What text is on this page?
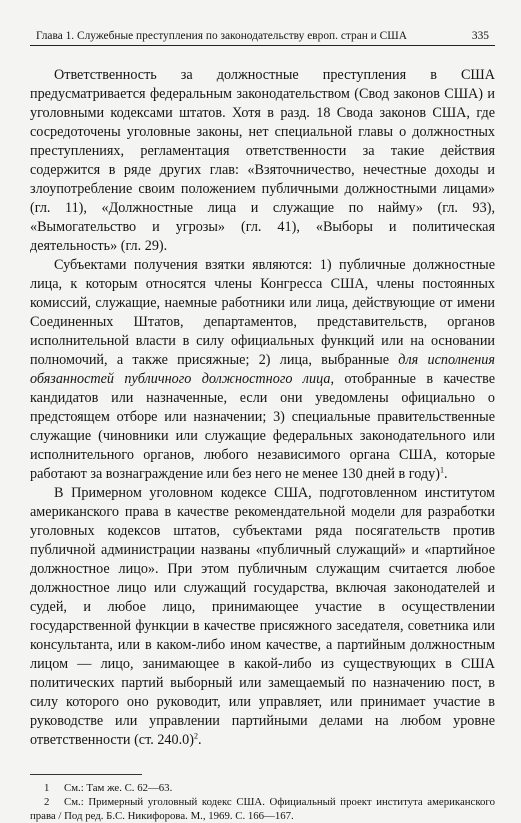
Глава 1. Служебные преступления по законодательству европ. стран и США	335

Ответственность за должностные преступления в США предусматривается федеральным законодательством (Свод законов США) и уголовными кодексами штатов. Хотя в разд. 18 Свода законов США, где сосредоточены уголовные законы, нет специальной главы о должностных преступлениях, регламентация ответственности за такие действия содержится в ряде других глав: «Взяточничество, нечестные доходы и злоупотребление своим положением публичными должностными лицами» (гл. 11), «Должностные лица и служащие по найму» (гл. 93), «Вымогательство и угрозы» (гл. 41), «Выборы и политическая деятельность» (гл. 29).

Субъектами получения взятки являются: 1) публичные должностные лица, к которым относятся члены Конгресса США, члены постоянных комиссий, служащие, наемные работники или лица, действующие от имени Соединенных Штатов, департаментов, представительств, органов исполнительной власти в силу официальных функций или на основании полномочий, а также присяжные; 2) лица, выбранные для исполнения обязанностей публичного должностного лица, отобранные в качестве кандидатов или назначенные, если они уведомлены официально о предстоящем отборе или назначении; 3) специальные правительственные служащие (чиновники или служащие федеральных законодательного или исполнительного органов, любого независимого органа США, которые работают за вознаграждение или без него не менее 130 дней в году)$^1$.

В Примерном уголовном кодексе США, подготовленном институтом американского права в качестве рекомендательной модели для разработки уголовных кодексов штатов, субъектами ряда посягательств против публичной администрации названы «публичный служащий» и «партийное должностное лицо». При этом публичным служащим считается любое должностное лицо или служащий государства, включая законодателей и судей, и любое лицо, принимающее участие в осуществлении государственной функции в качестве присяжного заседателя, советника или консультанта, или в каком-либо ином качестве, а партийным должностным лицом — лицо, занимающее в какой-либо из существующих в США политических партий выборный или замещаемый по назначению пост, в силу которого оно руководит, или управляет, или принимает участие в руководстве или управлении партийными делами на любом уровне ответственности (ст. 240.0)$^2$.

1 См.: Там же. С. 62—63.

2 См.: Примерный уголовный кодекс США. Официальный проект института американского права / Под ред. Б.С. Никифорова. М., 1969. С. 166—167.
